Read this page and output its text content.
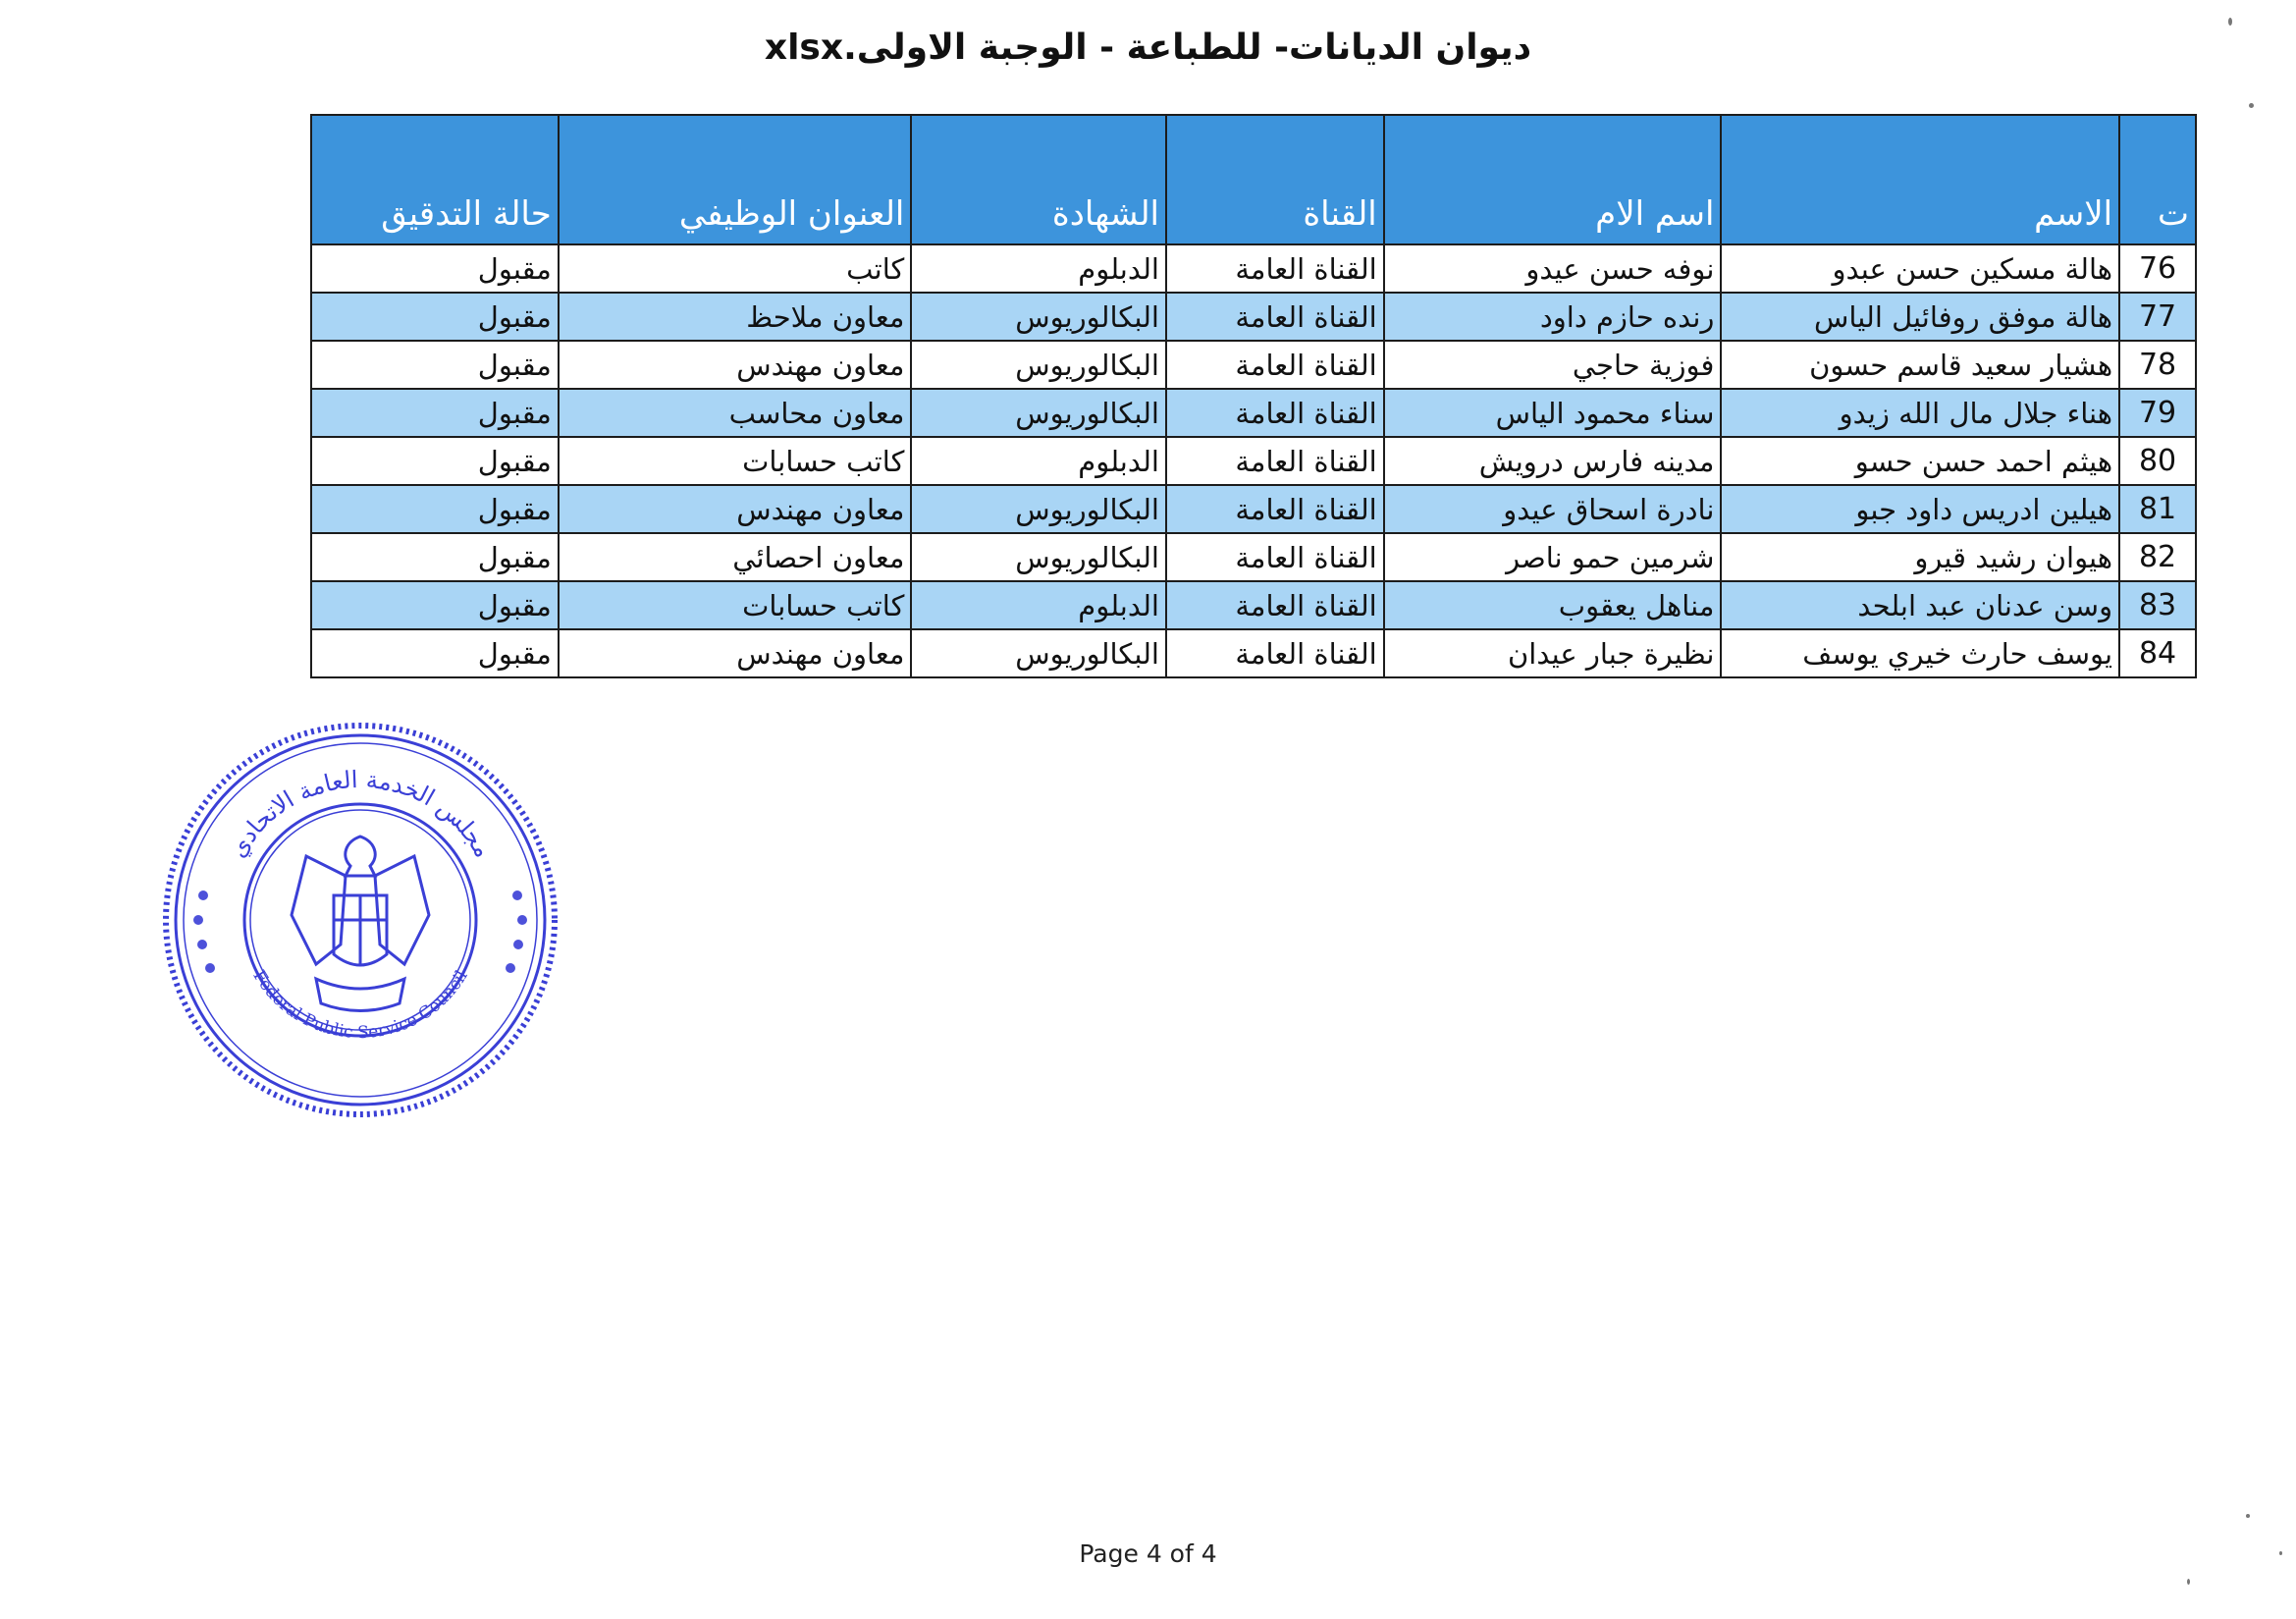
ديوان الديانات- للطباعة - الوجبة الاولى.xlsx
ت	الاسم	اسم الام	القناة	الشهادة	العنوان الوظيفي	حالة التدقيق
76	هالة مسكين حسن عبدو	نوفه حسن عيدو	القناة العامة	الدبلوم	كاتب	مقبول
77	هالة موفق روفائيل الياس	رنده حازم داود	القناة العامة	البكالوريوس	معاون ملاحظ	مقبول
78	هشيار سعيد قاسم حسون	فوزية حاجي	القناة العامة	البكالوريوس	معاون مهندس	مقبول
79	هناء جلال مال الله زيدو	سناء محمود الياس	القناة العامة	البكالوريوس	معاون محاسب	مقبول
80	هيثم احمد حسن حسو	مدينه فارس درويش	القناة العامة	الدبلوم	كاتب حسابات	مقبول
81	هيلين ادريس داود جبو	نادرة اسحاق عيدو	القناة العامة	البكالوريوس	معاون مهندس	مقبول
82	هيوان رشيد قيرو	شرمين حمو ناصر	القناة العامة	البكالوريوس	معاون احصائي	مقبول
83	وسن عدنان عبد ابلحد	مناهل يعقوب	القناة العامة	الدبلوم	كاتب حسابات	مقبول
84	يوسف حارث خيري يوسف	نظيرة جبار عيدان	القناة العامة	البكالوريوس	معاون مهندس	مقبول
مجلس الخدمة العامة الاتحادي
Federal Public Service Council
Page 4 of 4
